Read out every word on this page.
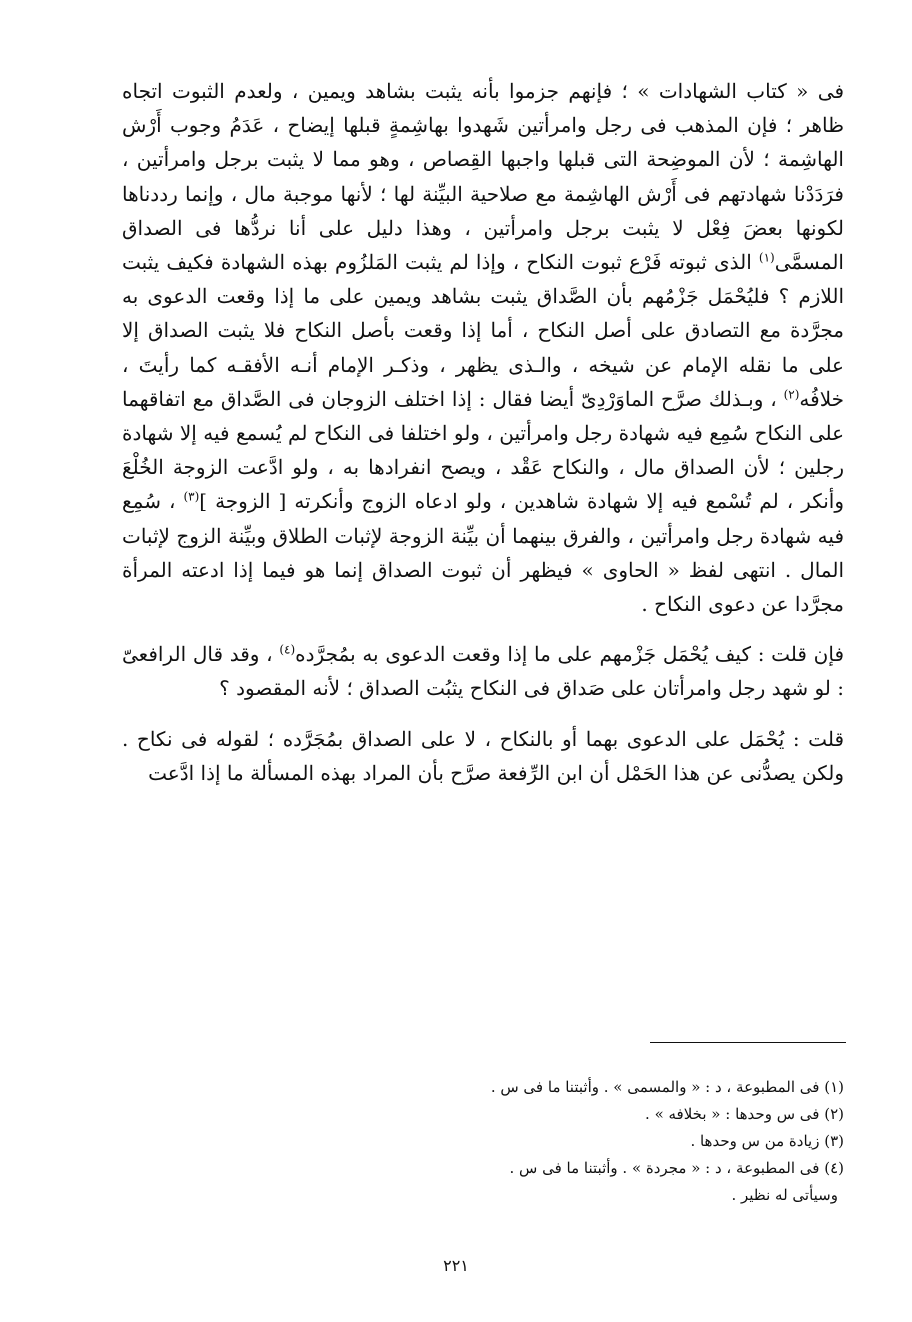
فى « كتاب الشهادات » ؛ فإنهم جزموا بأنه يثبت بشاهد ويمين ، ولعدم الثبوت اتجاه ظاهر ؛ فإن المذهب فى رجل وامرأتين شَهدوا بهاشِمةٍ قبلها إيضاح ، عَدَمُ وجوب أَرْش الهاشِمة ؛ لأن الموضِحة التى قبلها واجبها القِصاص ، وهو مما لا يثبت برجل وامرأتين ، فرَدَدْنا شهادتهم فى أَرْش الهاشِمة مع صلاحية البيِّنة لها ؛ لأنها موجبة مال ، وإنما رددناها لكونها بعضَ فِعْل لا يثبت برجل وامرأتين ، وهذا دليل على أنا نردُّها فى الصداق المسمَّى$^{(١)}$ الذى ثبوته فَرْع ثبوت النكاح ، وإذا لم يثبت المَلزُوم بهذه الشهادة فكيف يثبت اللازم ؟ فليُحْمَل جَزْمُهم بأن الصَّداق يثبت بشاهد ويمين على ما إذا وقعت الدعوى به مجرَّدة مع التصادق على أصل النكاح ، أما إذا وقعت بأصل النكاح فلا يثبت الصداق إلا على ما نقله الإمام عن شيخه ، والـذى يظهر ، وذكـر الإمام أنـه الأفقـه كما رأيتَ ، خلافُه$^{(٢)}$ ، وبـذلك صرَّح الماوَرْدِىّ أيضا فقال : إذا اختلف الزوجان فى الصَّداق مع اتفاقهما على النكاح سُمِع فيه شهادة رجل وامرأتين ، ولو اختلفا فى النكاح لم يُسمع فيه إلا شهادة رجلين ؛ لأن الصداق مال ، والنكاح عَقْد ، ويصح انفرادها به ، ولو ادَّعت الزوجة الخُلْعَ وأنكر ، لم تُسْمع فيه إلا شهادة شاهدين ، ولو ادعاه الزوج وأنكرته [ الزوجة ]$^{(٣)}$ ، سُمِع فيه شهادة رجل وامرأتين ، والفرق بينهما أن بيِّنة الزوجة لإثبات الطلاق وبيِّنة الزوج لإثبات المال . انتهى لفظ « الحاوى » فيظهر أن ثبوت الصداق إنما هو فيما إذا ادعته المرأة مجرَّدا عن دعوى النكاح .

فإن قلت : كيف يُحْمَل جَزْمهم على ما إذا وقعت الدعوى به بمُجرَّده$^{(٤)}$ ، وقد قال الرافعىّ : لو شهد رجل وامرأتان على صَداق فى النكاح يثبُت الصداق ؛ لأنه المقصود ؟

قلت : يُحْمَل على الدعوى بهما أو بالنكاح ، لا على الصداق بمُجَرَّده ؛ لقوله فى نكاح . ولكن يصدُّنى عن هذا الحَمْل أن ابن الرِّفعة صرَّح بأن المراد بهذه المسألة ما إذا ادَّعت

(١) فى المطبوعة ، د : « والمسمى » . وأثبتنا ما فى س .

(٢) فى س وحدها : « بخلافه » .

(٣) زيادة من س وحدها .

(٤) فى المطبوعة ، د : « مجردة » . وأثبتنا ما فى س .

وسيأتى له نظير .

٢٢١
